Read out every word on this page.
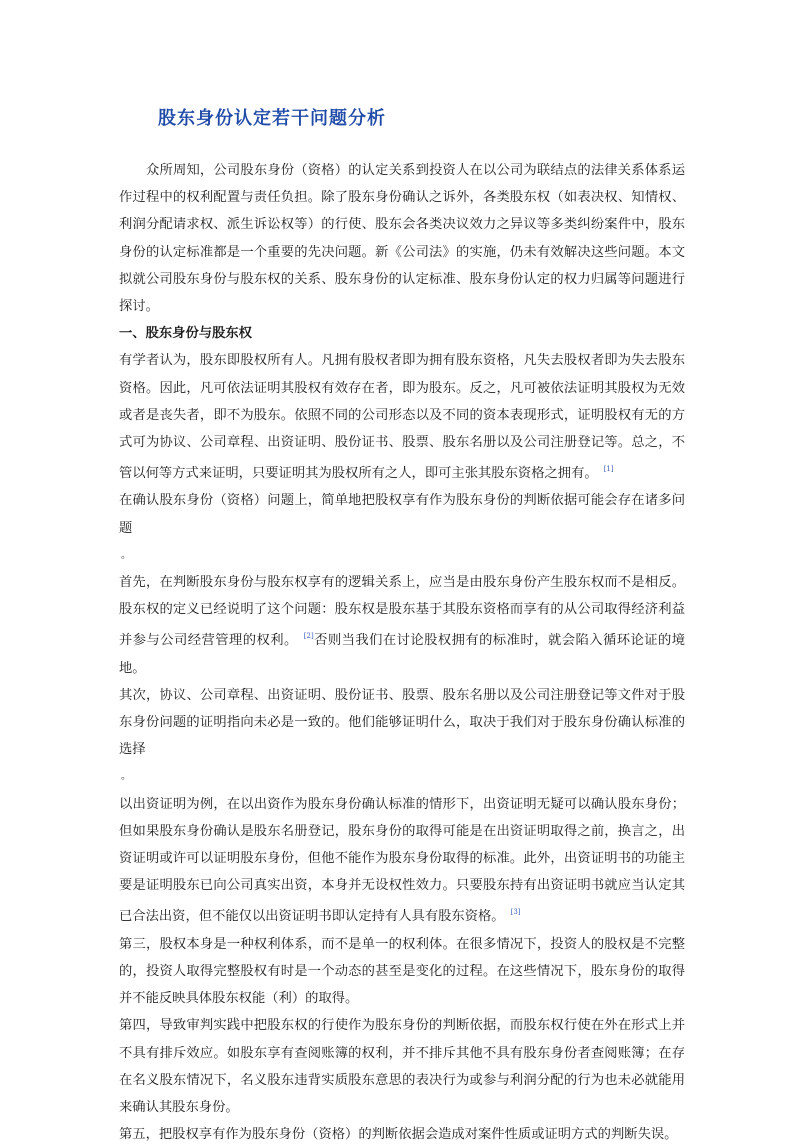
股东身份认定若干问题分析

众所周知，公司股东身份（资格）的认定关系到投资人在以公司为联结点的法律关系体系运作过程中的权利配置与责任负担。除了股东身份确认之诉外，各类股东权（如表决权、知情权、利润分配请求权、派生诉讼权等）的行使、股东会各类决议效力之异议等多类纠纷案件中，股东身份的认定标准都是一个重要的先决问题。新《公司法》的实施，仍未有效解决这些问题。本文拟就公司股东身份与股东权的关系、股东身份的认定标准、股东身份认定的权力归属等问题进行探讨。

一、股东身份与股东权

有学者认为，股东即股权所有人。凡拥有股权者即为拥有股东资格，凡失去股权者即为失去股东资格。因此，凡可依法证明其股权有效存在者，即为股东。反之，凡可被依法证明其股权为无效或者是丧失者，即不为股东。依照不同的公司形态以及不同的资本表现形式，证明股权有无的方式可为协议、公司章程、出资证明、股份证书、股票、股东名册以及公司注册登记等。总之，不管以何等方式来证明，只要证明其为股权所有之人，即可主张其股东资格之拥有。 [1]

在确认股东身份（资格）问题上，简单地把股权享有作为股东身份的判断依据可能会存在诸多问题
。

首先，在判断股东身份与股东权享有的逻辑关系上，应当是由股东身份产生股东权而不是相反。股东权的定义已经说明了这个问题：股东权是股东基于其股东资格而享有的从公司取得经济利益并参与公司经营管理的权利。 [2]否则当我们在讨论股权拥有的标准时，就会陷入循环论证的境地。

其次，协议、公司章程、出资证明、股份证书、股票、股东名册以及公司注册登记等文件对于股东身份问题的证明指向未必是一致的。他们能够证明什么，取决于我们对于股东身份确认标准的选择
。

以出资证明为例，在以出资作为股东身份确认标准的情形下，出资证明无疑可以确认股东身份；但如果股东身份确认是股东名册登记，股东身份的取得可能是在出资证明取得之前，换言之，出资证明或许可以证明股东身份，但他不能作为股东身份取得的标准。此外，出资证明书的功能主要是证明股东已向公司真实出资，本身并无设权性效力。只要股东持有出资证明书就应当认定其已合法出资，但不能仅以出资证明书即认定持有人具有股东资格。 [3]

第三，股权本身是一种权利体系，而不是单一的权利体。在很多情况下，投资人的股权是不完整的，投资人取得完整股权有时是一个动态的甚至是变化的过程。在这些情况下，股东身份的取得并不能反映具体股东权能（利）的取得。

第四，导致审判实践中把股东权的行使作为股东身份的判断依据，而股东权行使在外在形式上并不具有排斥效应。如股东享有查阅账簿的权利，并不排斥其他不具有股东身份者查阅账簿；在存在名义股东情况下，名义股东违背实质股东意思的表决行为或参与利润分配的行为也未必就能用来确认其股东身份。

第五，把股权享有作为股东身份（资格）的判断依据会造成对案件性质或证明方式的判断失误。
